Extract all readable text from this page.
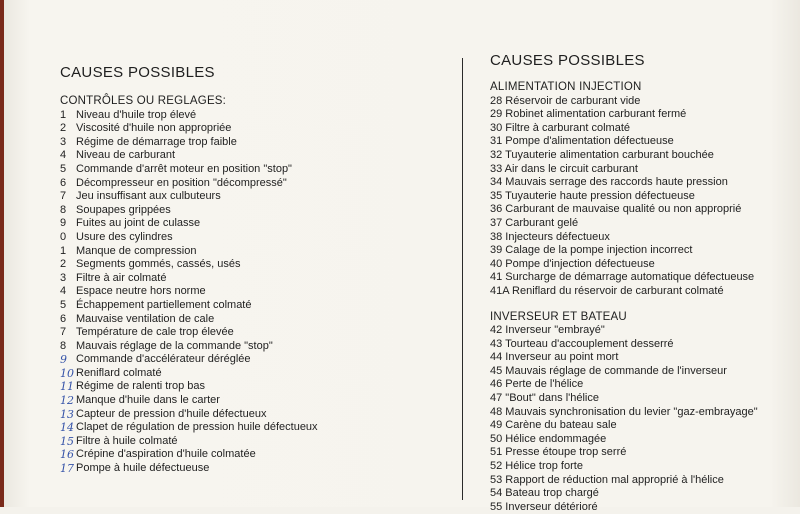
CAUSES POSSIBLES
CONTRÔLES OU REGLAGES:
1 Niveau d'huile trop élevé
2 Viscosité d'huile non appropriée
3 Régime de démarrage trop faible
4 Niveau de carburant
5 Commande d'arrêt moteur en position "stop"
6 Décompresseur en position "décompressé"
7 Jeu insuffisant aux culbuteurs
8 Soupapes grippées
9 Fuites au joint de culasse
0 Usure des cylindres
1 Manque de compression
2 Segments gommés, cassés, usés
3 Filtre à air colmaté
4 Espace neutre hors norme
5 Échappement partiellement colmaté
6 Mauvaise ventilation de cale
7 Température de cale trop élevée
8 Mauvais réglage de la commande "stop"
9 Commande d'accélérateur déréglée
10 Reniflard colmaté
11 Régime de ralenti trop bas
12 Manque d'huile dans le carter
13 Capteur de pression d'huile défectueux
14 Clapet de régulation de pression huile défectueux
15 Filtre à huile colmaté
16 Crépine d'aspiration d'huile colmatée
17 Pompe à huile défectueuse
CAUSES POSSIBLES
ALIMENTATION INJECTION
28 Réservoir de carburant vide
29 Robinet alimentation carburant fermé
30 Filtre à carburant colmaté
31 Pompe d'alimentation défectueuse
32 Tuyauterie alimentation carburant bouchée
33 Air dans le circuit carburant
34 Mauvais serrage des raccords haute pression
35 Tuyauterie haute pression défectueuse
36 Carburant de mauvaise qualité ou non approprié
37 Carburant gelé
38 Injecteurs défectueux
39 Calage de la pompe injection incorrect
40 Pompe d'injection défectueuse
41 Surcharge de démarrage automatique défectueuse
41A Reniflard du réservoir de carburant colmaté
INVERSEUR ET BATEAU
42 Inverseur "embrayé"
43 Tourteau d'accouplement desserré
44 Inverseur au point mort
45 Mauvais réglage de commande de l'inverseur
46 Perte de l'hélice
47 "Bout" dans l'hélice
48 Mauvais synchronisation du levier "gaz-embrayage"
49 Carène du bateau sale
50 Hélice endommagée
51 Presse étoupe trop serré
52 Hélice trop forte
53 Rapport de réduction mal approprié à l'hélice
54 Bateau trop chargé
55 Inverseur détérioré
